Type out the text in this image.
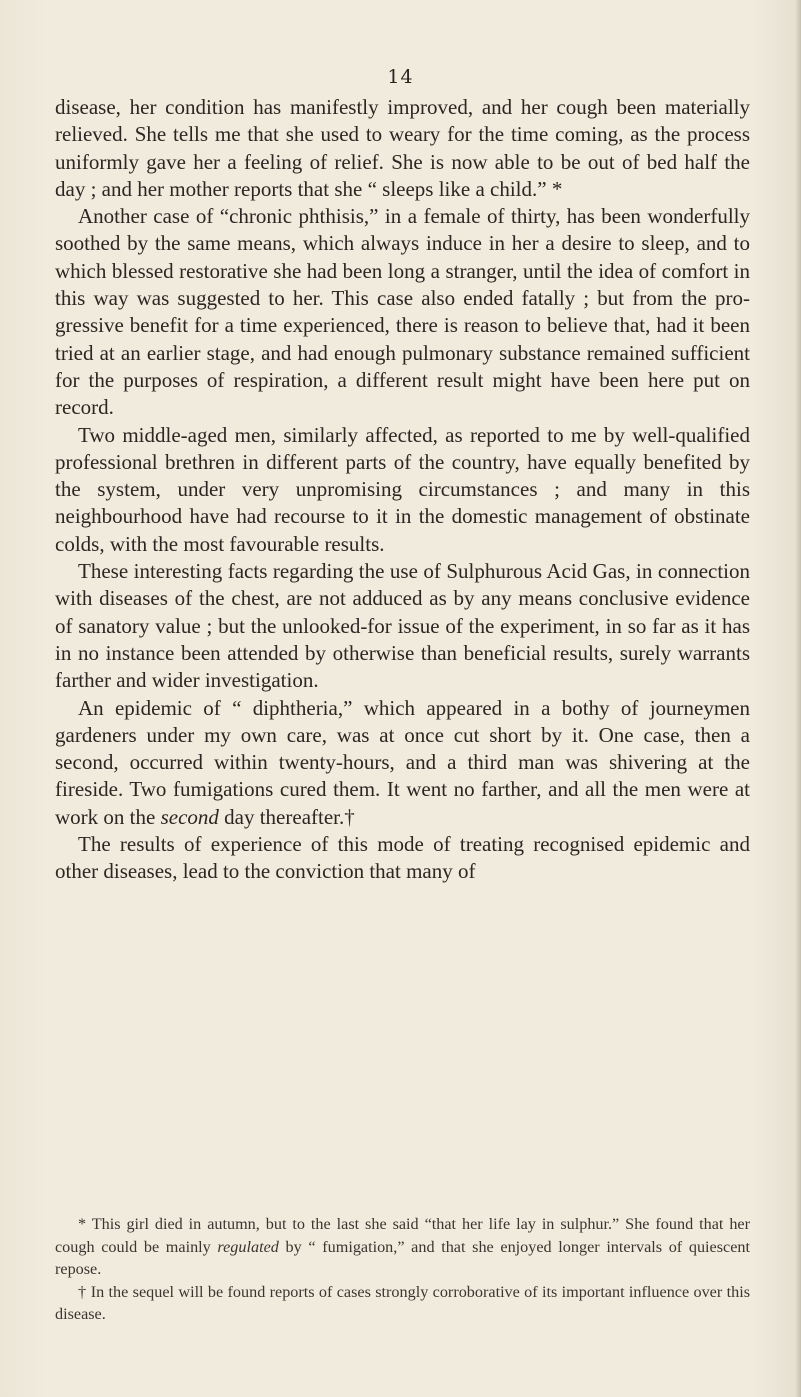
14

disease, her condition has manifestly improved, and her cough been materially relieved. She tells me that she used to weary for the time coming, as the process uniformly gave her a feeling of relief. She is now able to be out of bed half the day ; and her mother reports that she “ sleeps like a child.” *

Another case of “chronic phthisis,” in a female of thirty, has been wonderfully soothed by the same means, which always induce in her a desire to sleep, and to which blessed restorative she had been long a stranger, until the idea of comfort in this way was suggested to her. This case also ended fatally ; but from the progressive benefit for a time experienced, there is reason to believe that, had it been tried at an earlier stage, and had enough pulmonary substance remained sufficient for the purposes of respiration, a different result might have been here put on record.

Two middle-aged men, similarly affected, as reported to me by well-qualified professional brethren in different parts of the country, have equally benefited by the system, under very unpromising circumstances ; and many in this neighbourhood have had recourse to it in the domestic management of obstinate colds, with the most favourable results.

These interesting facts regarding the use of Sulphurous Acid Gas, in connection with diseases of the chest, are not adduced as by any means conclusive evidence of sanatory value ; but the unlooked-for issue of the experiment, in so far as it has in no instance been attended by otherwise than beneficial results, surely warrants farther and wider investigation.

An epidemic of “ diphtheria,” which appeared in a bothy of journeymen gardeners under my own care, was at once cut short by it. One case, then a second, occurred within twenty-hours, and a third man was shivering at the fireside. Two fumigations cured them. It went no farther, and all the men were at work on the second day thereafter.†

The results of experience of this mode of treating recognised epidemic and other diseases, lead to the conviction that many of

* This girl died in autumn, but to the last she said “that her life lay in sulphur.” She found that her cough could be mainly regulated by “ fumigation,” and that she enjoyed longer intervals of quiescent repose.

† In the sequel will be found reports of cases strongly corroborative of its important influence over this disease.
